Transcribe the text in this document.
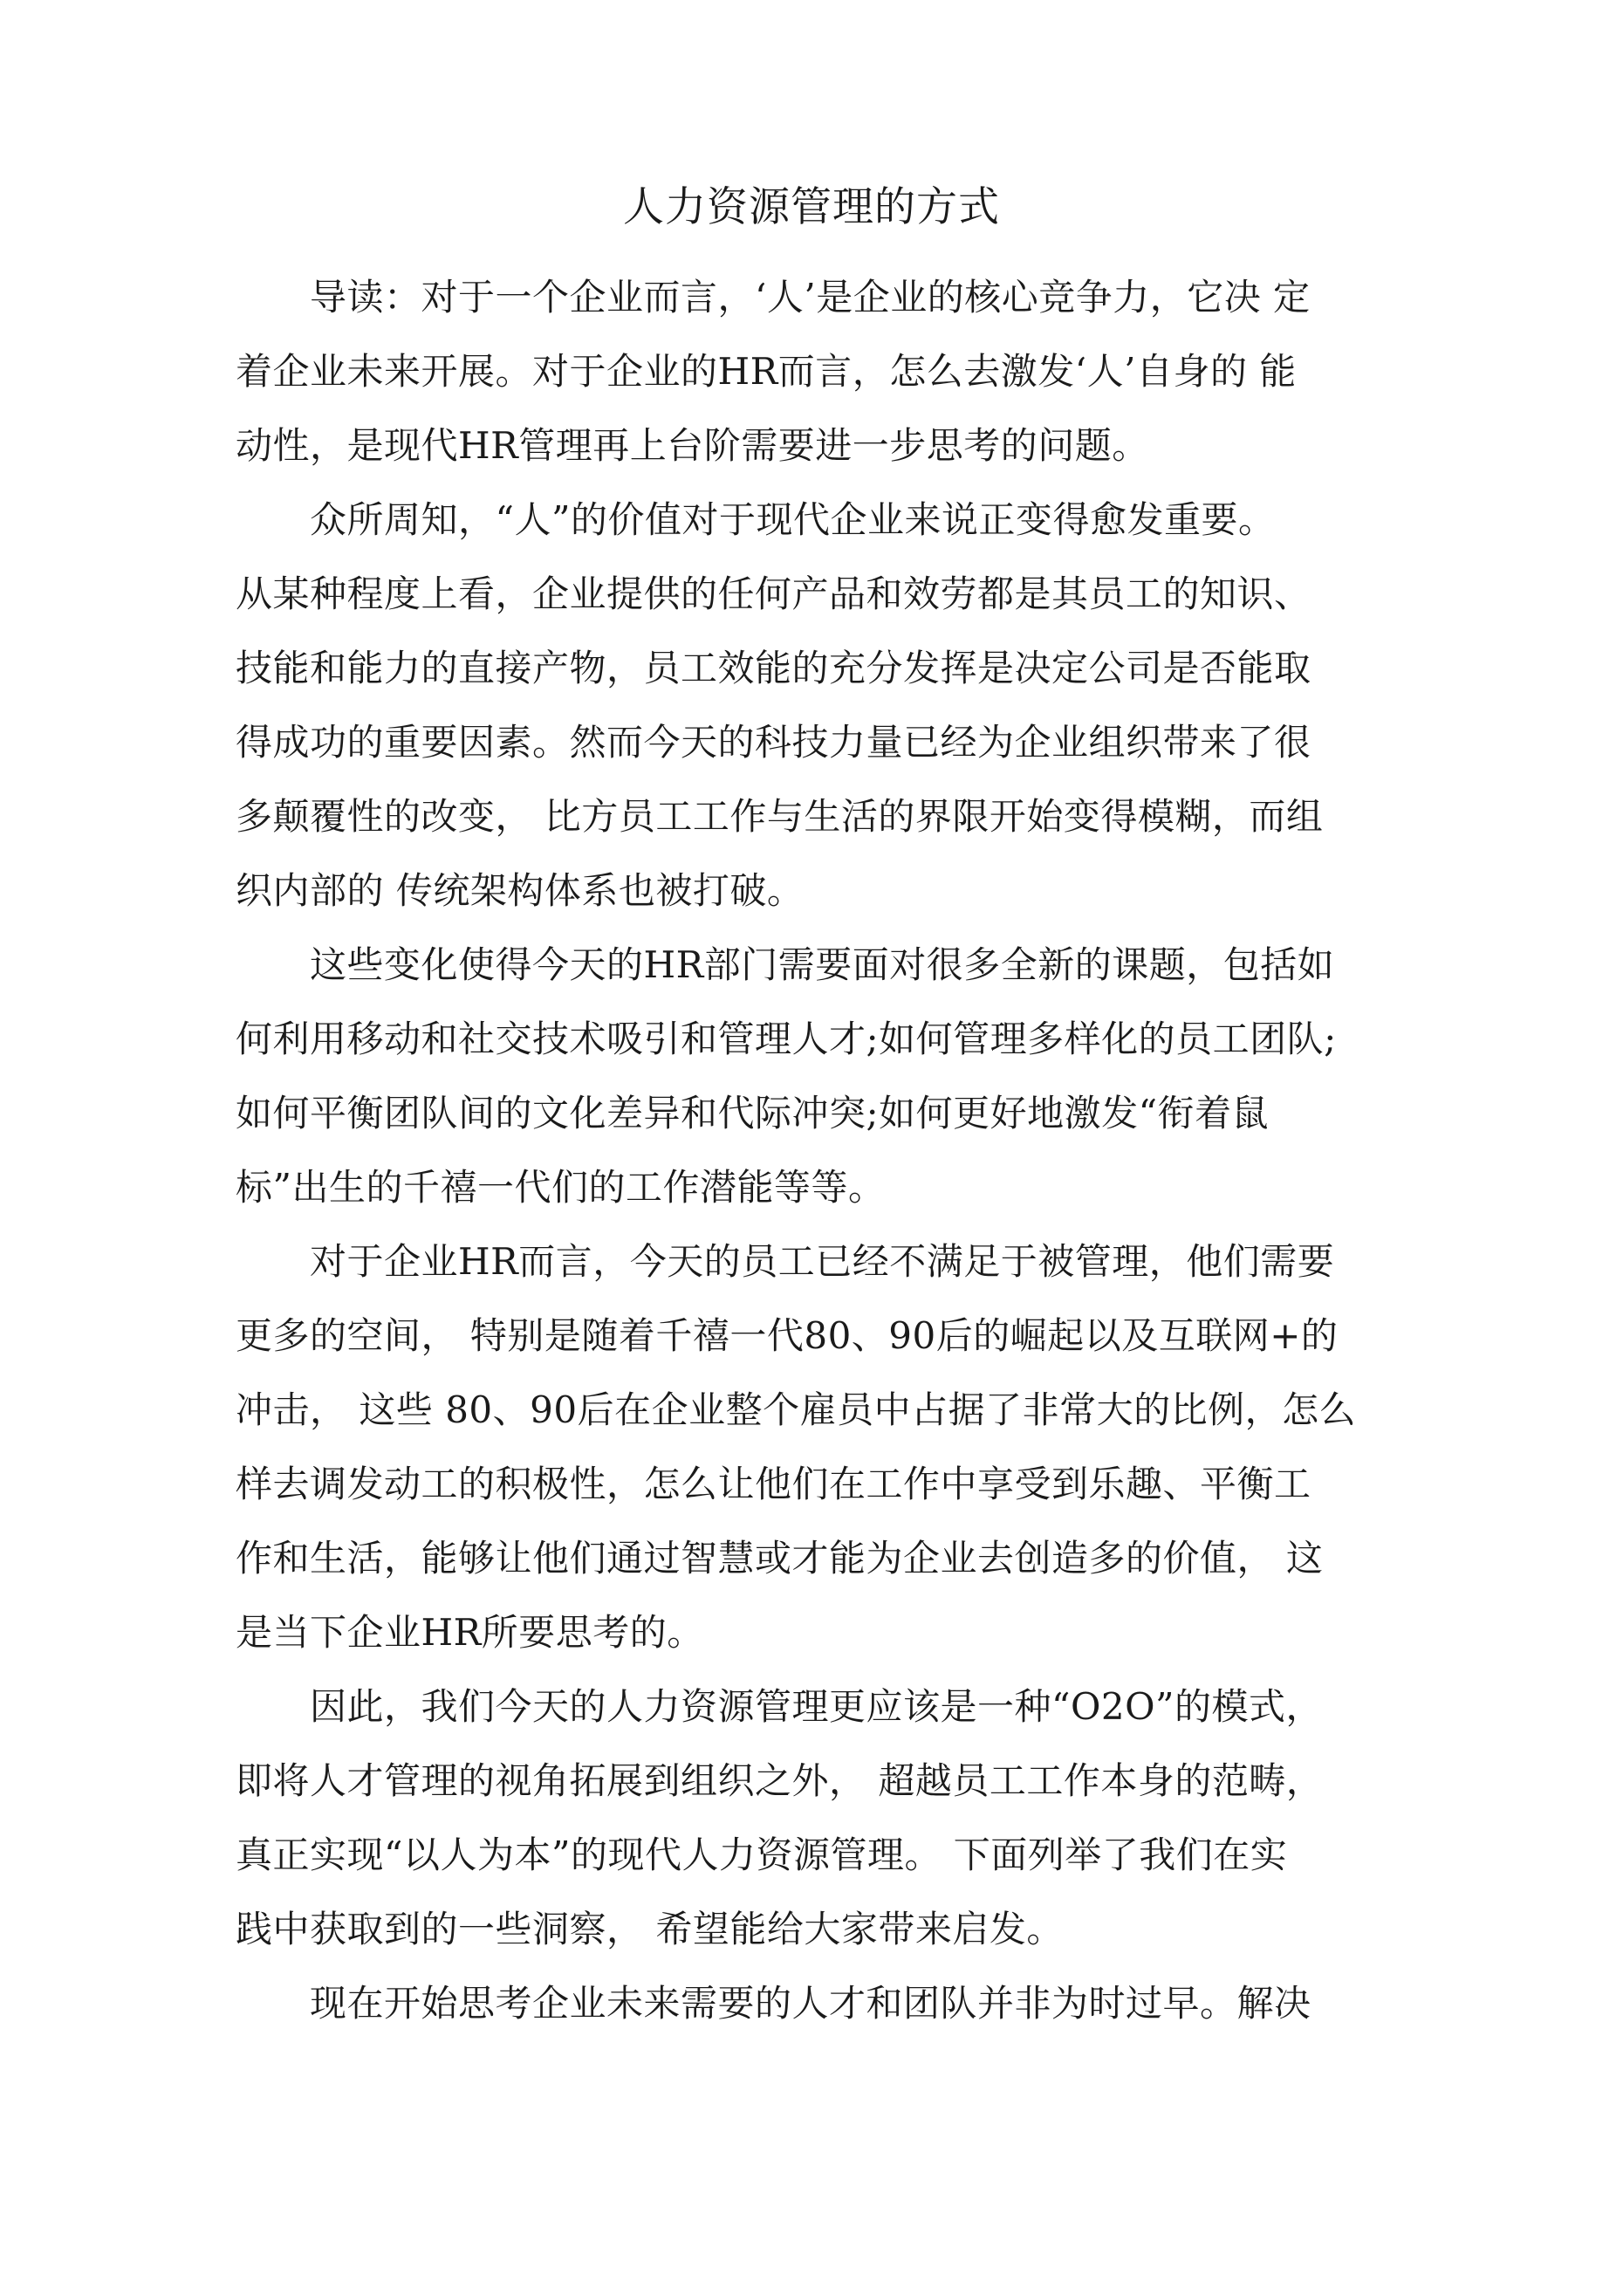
人力资源管理的方式
导读：对于一个企业而言，‘人’是企业的核心竞争力，它决 定
着企业未来开展。对于企业的HR而言，怎么去激发‘人’自身的 能
动性，是现代HR管理再上台阶需要进一步思考的问题。
众所周知，“人”的价值对于现代企业来说正变得愈发重要。
从某种程度上看，企业提供的任何产品和效劳都是其员工的知识、
技能和能力的直接产物，员工效能的充分发挥是决定公司是否能取
得成功的重要因素。然而今天的科技力量已经为企业组织带来了很
多颠覆性的改变， 比方员工工作与生活的界限开始变得模糊，而组
织内部的 传统架构体系也被打破。
这些变化使得今天的HR部门需要面对很多全新的课题，包括如
何利用移动和社交技术吸引和管理人才;如何管理多样化的员工团队;
如何平衡团队间的文化差异和代际冲突;如何更好地激发“衔着鼠
标”出生的千禧一代们的工作潜能等等。
对于企业HR而言，今天的员工已经不满足于被管理，他们需要
更多的空间， 特别是随着千禧一代80、90后的崛起以及互联网+的
冲击， 这些 80、90后在企业整个雇员中占据了非常大的比例，怎么
样去调发动工的积极性，怎么让他们在工作中享受到乐趣、平衡工
作和生活，能够让他们通过智慧或才能为企业去创造多的价值， 这
是当下企业HR所要思考的。
因此，我们今天的人力资源管理更应该是一种“O2O”的模式，
即将人才管理的视角拓展到组织之外， 超越员工工作本身的范畴，
真正实现“以人为本”的现代人力资源管理。 下面列举了我们在实
践中获取到的一些洞察， 希望能给大家带来启发。
现在开始思考企业未来需要的人才和团队并非为时过早。解决
